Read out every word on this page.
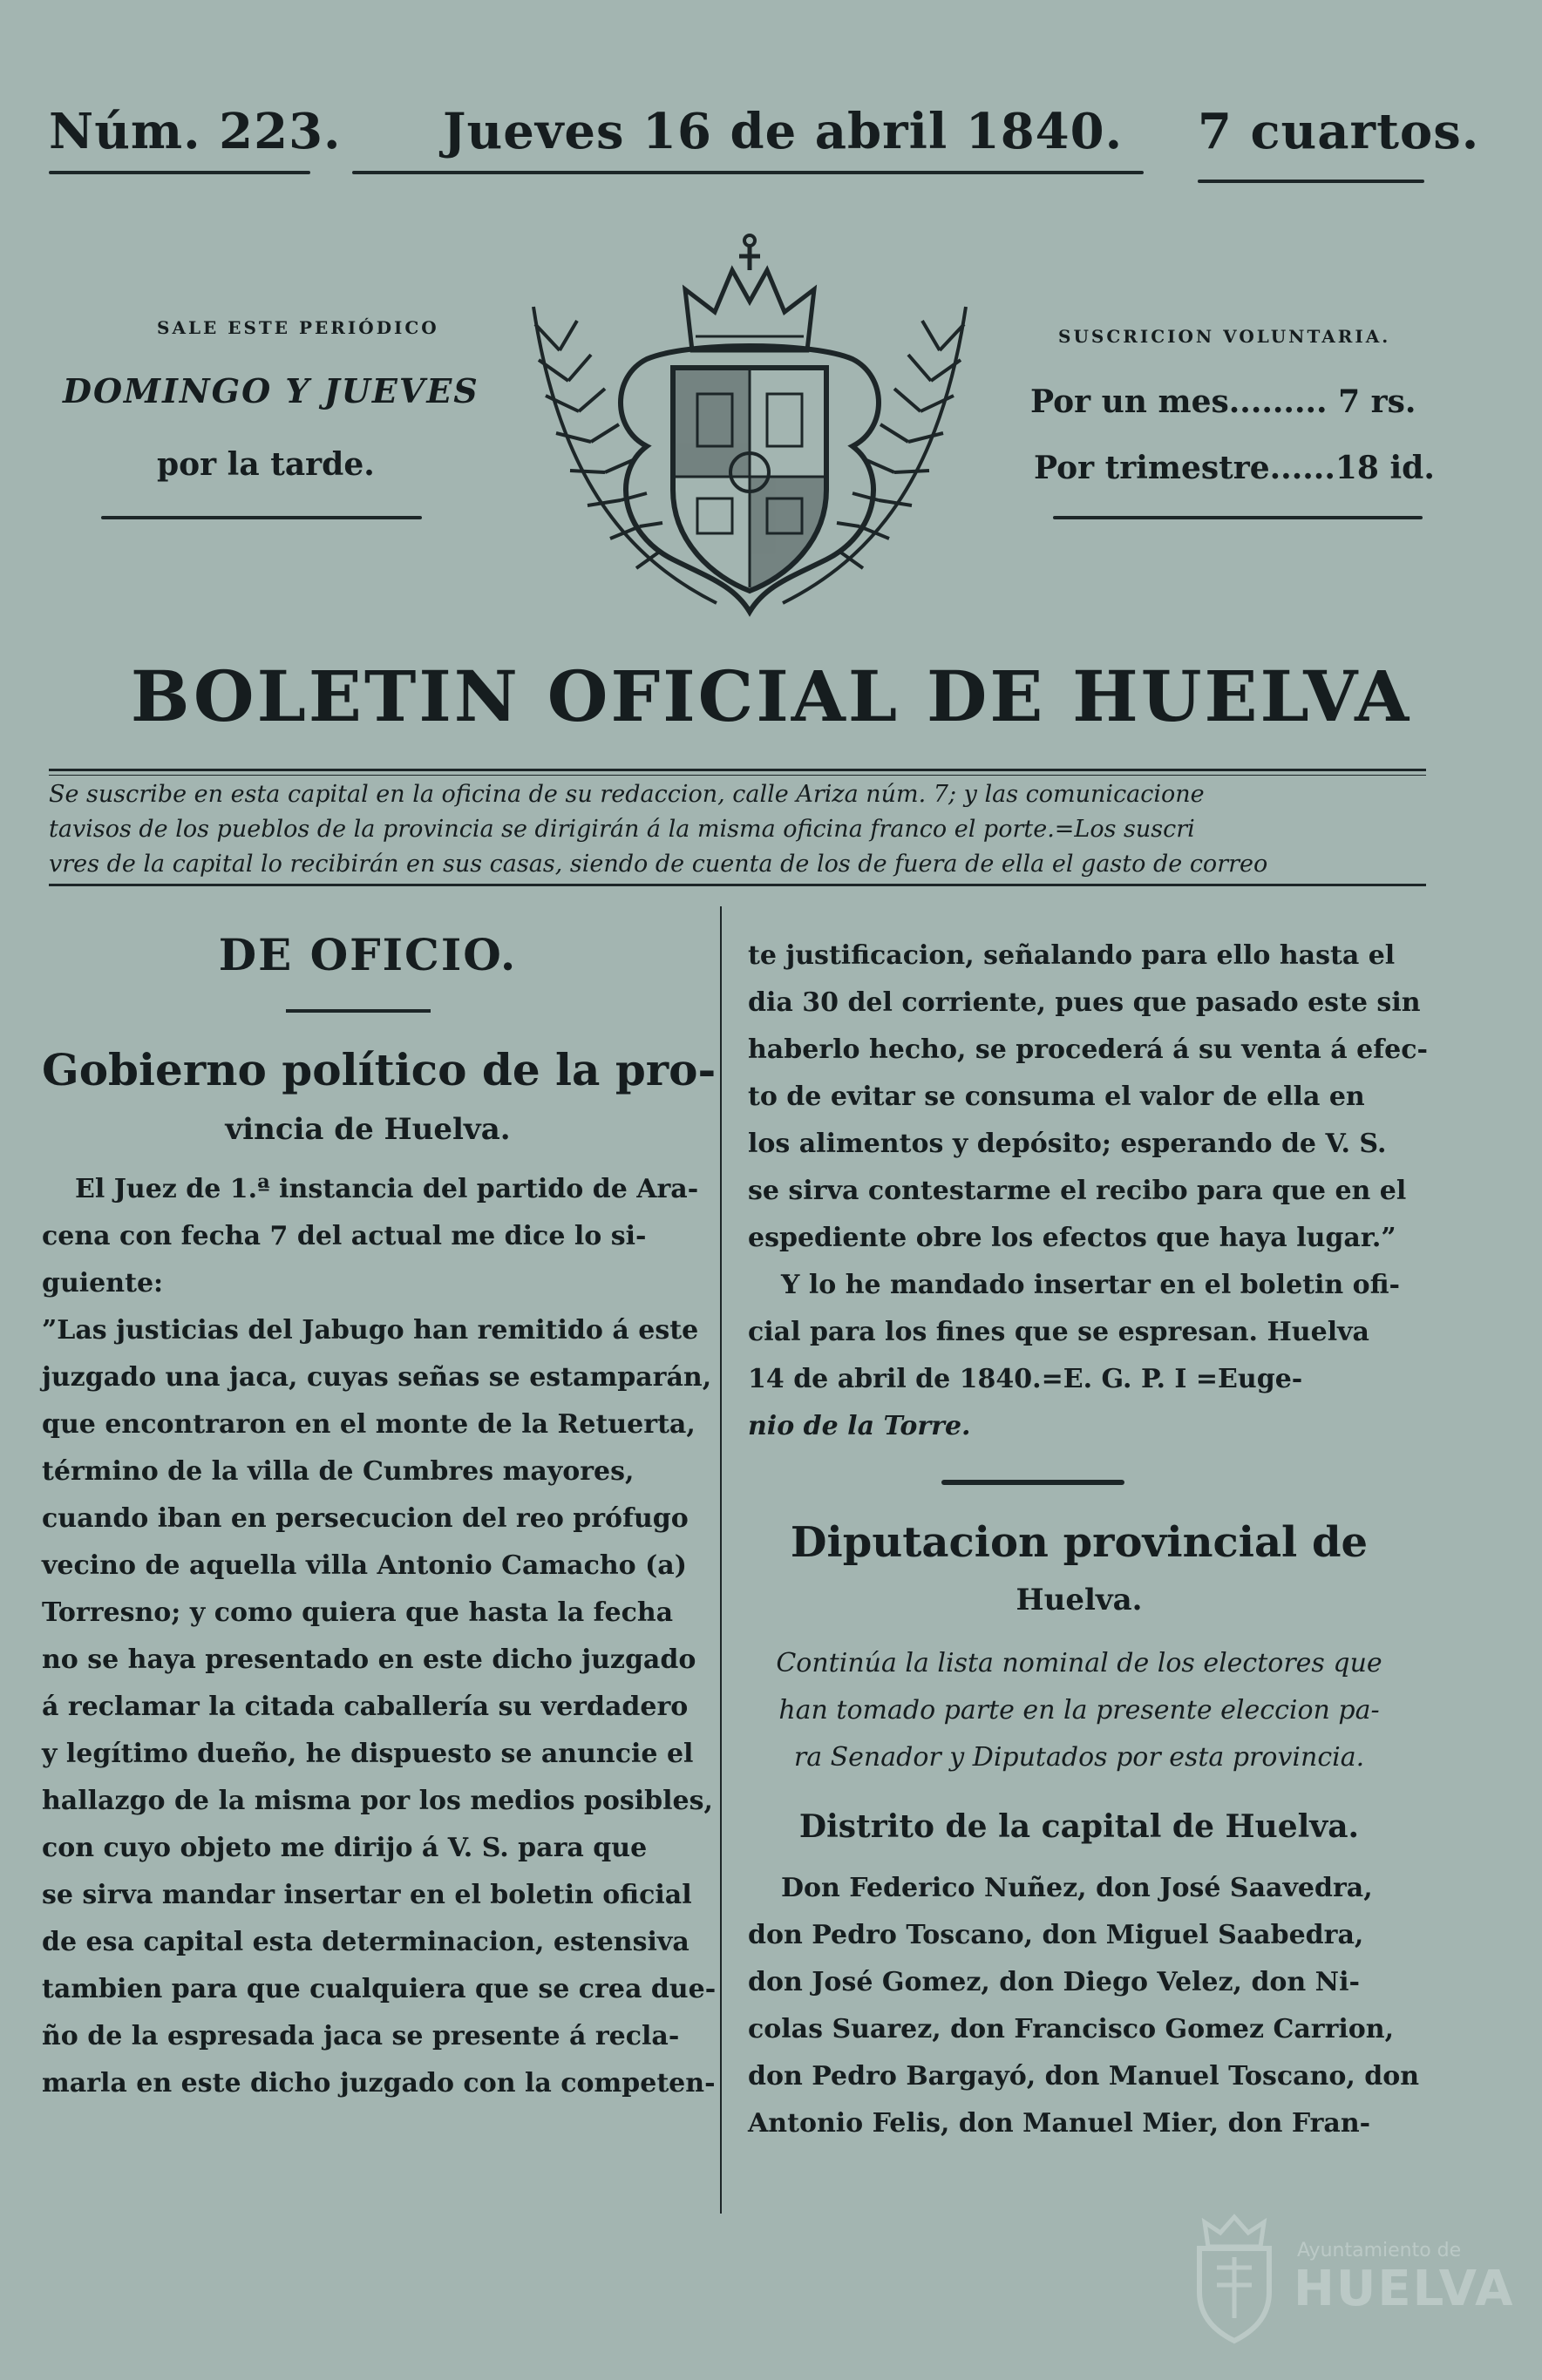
Núm. 223. Jueves 16 de abril 1840. 7 cuartos.
SALE ESTE PERIÓDICO
DOMINGO Y JUEVES
por la tarde.
SUSCRICION VOLUNTARIA.
Por un mes......... 7 rs.
Por trimestre......18 id.
BOLETIN OFICIAL DE HUELVA

Se suscribe en esta capital en la oficina de su redaccion, calle Ariza núm. 7; y las comunicacione

tavisos de los pueblos de la provincia se dirigirán á la misma oficina franco el porte.=Los suscri

vres de la capital lo recibirán en sus casas, siendo de cuenta de los de fuera de ella el gasto de correo

DE OFICIO.
Gobierno político de la pro-
vincia de Huelva.

El Juez de 1.ª instancia del partido de Ara-

cena con fecha 7 del actual me dice lo si-

guiente:

”Las justicias del Jabugo han remitido á este

juzgado una jaca, cuyas señas se estamparán,

que encontraron en el monte de la Retuerta,

término de la villa de Cumbres mayores,

cuando iban en persecucion del reo prófugo

vecino de aquella villa Antonio Camacho (a)

Torresno; y como quiera que hasta la fecha

no se haya presentado en este dicho juzgado

á reclamar la citada caballería su verdadero

y legítimo dueño, he dispuesto se anuncie el

hallazgo de la misma por los medios posibles,

con cuyo objeto me dirijo á V. S. para que

se sirva mandar insertar en el boletin oficial

de esa capital esta determinacion, estensiva

tambien para que cualquiera que se crea due-

ño de la espresada jaca se presente á recla-

marla en este dicho juzgado con la competen-

te justificacion, señalando para ello hasta el

dia 30 del corriente, pues que pasado este sin

haberlo hecho, se procederá á su venta á efec-

to de evitar se consuma el valor de ella en

los alimentos y depósito; esperando de V. S.

se sirva contestarme el recibo para que en el

espediente obre los efectos que haya lugar.”

Y lo he mandado insertar en el boletin ofi-

cial para los fines que se espresan. Huelva

14 de abril de 1840.=E. G. P. I =Euge-

nio de la Torre.

Diputacion provincial de
Huelva.

Continúa la lista nominal de los electores que

han tomado parte en la presente eleccion pa-

ra Senador y Diputados por esta provincia.

Distrito de la capital de Huelva.

Don Federico Nuñez, don José Saavedra,

don Pedro Toscano, don Miguel Saabedra,

don José Gomez, don Diego Velez, don Ni-

colas Suarez, don Francisco Gomez Carrion,

don Pedro Bargayó, don Manuel Toscano, don

Antonio Felis, don Manuel Mier, don Fran-

Ayuntamiento de
HUELVA
